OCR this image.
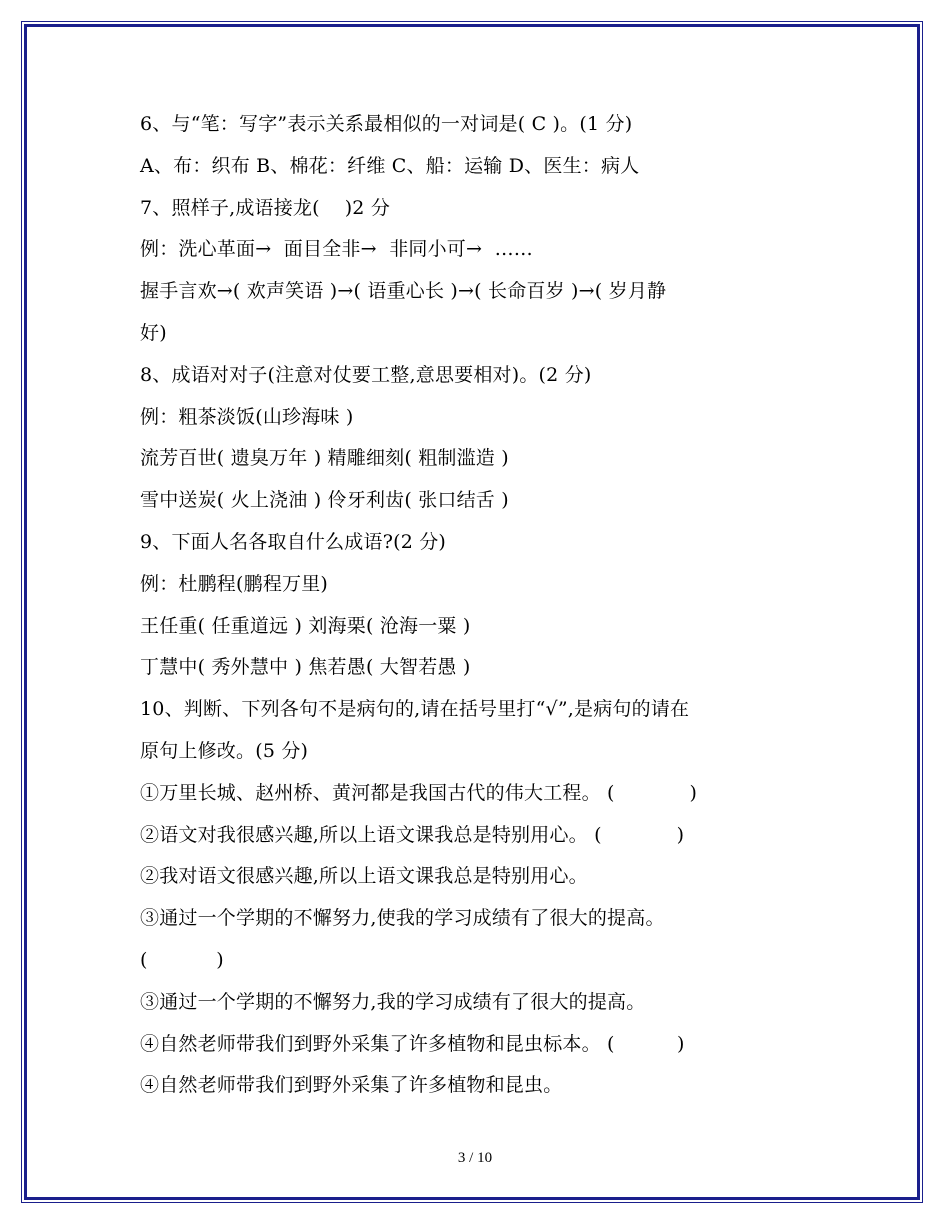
6、与“笔：写字”表示关系最相似的一对词是( C )。(1 分)
A、布：织布 B、棉花：纤维 C、船：运输 D、医生：病人
7、照样子,成语接龙(    )2 分
例：洗心革面→  面目全非→  非同小可→  ……
握手言欢→( 欢声笑语 )→( 语重心长 )→( 长命百岁 )→( 岁月静
好)
8、成语对对子(注意对仗要工整,意思要相对)。(2 分)
例：粗茶淡饭(山珍海味 )
流芳百世( 遗臭万年 ) 精雕细刻( 粗制滥造 )
雪中送炭( 火上浇油 ) 伶牙利齿( 张口结舌 )
9、下面人名各取自什么成语?(2 分)
例：杜鹏程(鹏程万里)
王任重( 任重道远 ) 刘海栗( 沧海一粟 )
丁慧中( 秀外慧中 ) 焦若愚( 大智若愚 )
10、判断、下列各句不是病句的,请在括号里打“√”,是病句的请在
原句上修改。(5 分)
①万里长城、赵州桥、黄河都是我国古代的伟大工程。 (            )
②语文对我很感兴趣,所以上语文课我总是特别用心。 (            )
②我对语文很感兴趣,所以上语文课我总是特别用心。
③通过一个学期的不懈努力,使我的学习成绩有了很大的提高。
(           )
③通过一个学期的不懈努力,我的学习成绩有了很大的提高。
④自然老师带我们到野外采集了许多植物和昆虫标本。 (          )
④自然老师带我们到野外采集了许多植物和昆虫。
3 / 10
